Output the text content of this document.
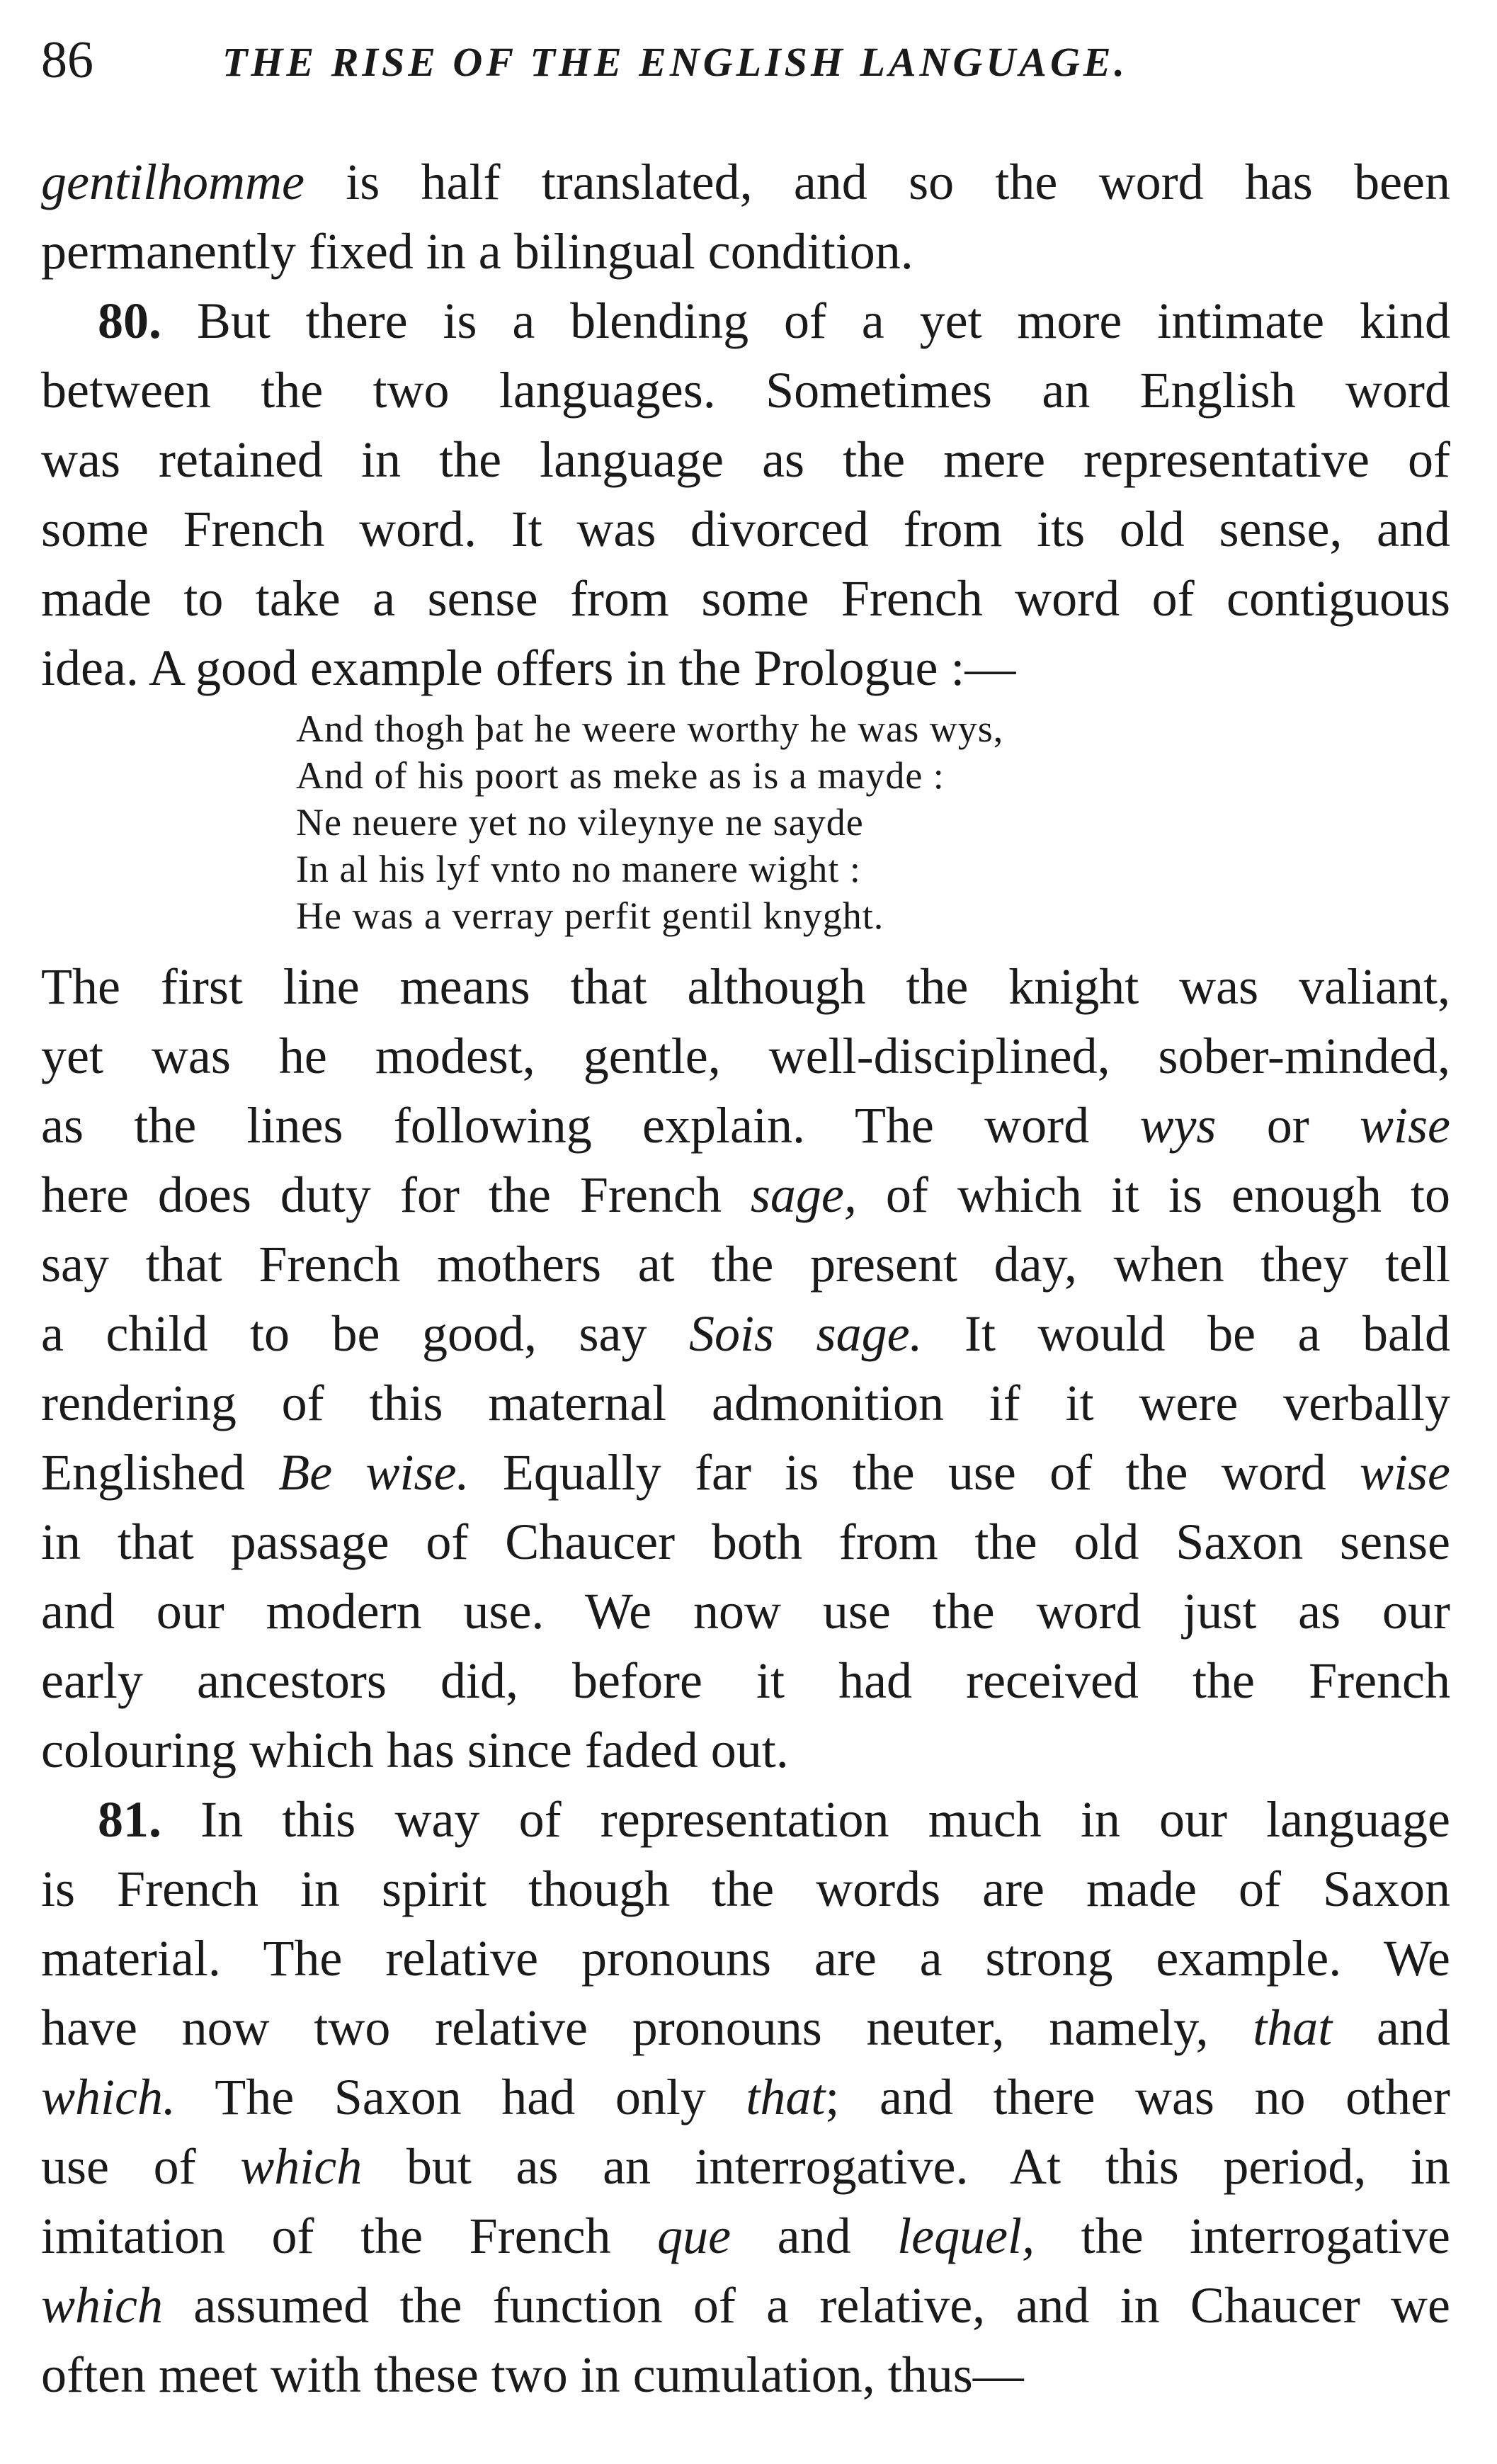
86	THE RISE OF THE ENGLISH LANGUAGE.
gentilhomme is half translated, and so the word has been
permanently fixed in a bilingual condition.
80. But there is a blending of a yet more intimate kind
between the two languages. Sometimes an English word
was retained in the language as the mere representative of
some French word. It was divorced from its old sense, and
made to take a sense from some French word of contiguous
idea. A good example offers in the Prologue :—
And thogh þat he weere worthy he was wys,
And of his poort as meke as is a mayde :
Ne neuere yet no vileynye ne sayde
In al his lyf vnto no manere wight :
He was a verray perfit gentil knyght.
The first line means that although the knight was valiant,
yet was he modest, gentle, well-disciplined, sober-minded,
as the lines following explain. The word wys or wise
here does duty for the French sage, of which it is enough to
say that French mothers at the present day, when they tell
a child to be good, say Sois sage. It would be a bald
rendering of this maternal admonition if it were verbally
Englished Be wise. Equally far is the use of the word wise
in that passage of Chaucer both from the old Saxon sense
and our modern use. We now use the word just as our
early ancestors did, before it had received the French
colouring which has since faded out.
81. In this way of representation much in our language
is French in spirit though the words are made of Saxon
material. The relative pronouns are a strong example. We
have now two relative pronouns neuter, namely, that and
which. The Saxon had only that; and there was no other
use of which but as an interrogative. At this period, in
imitation of the French que and lequel, the interrogative
which assumed the function of a relative, and in Chaucer we
often meet with these two in cumulation, thus—
